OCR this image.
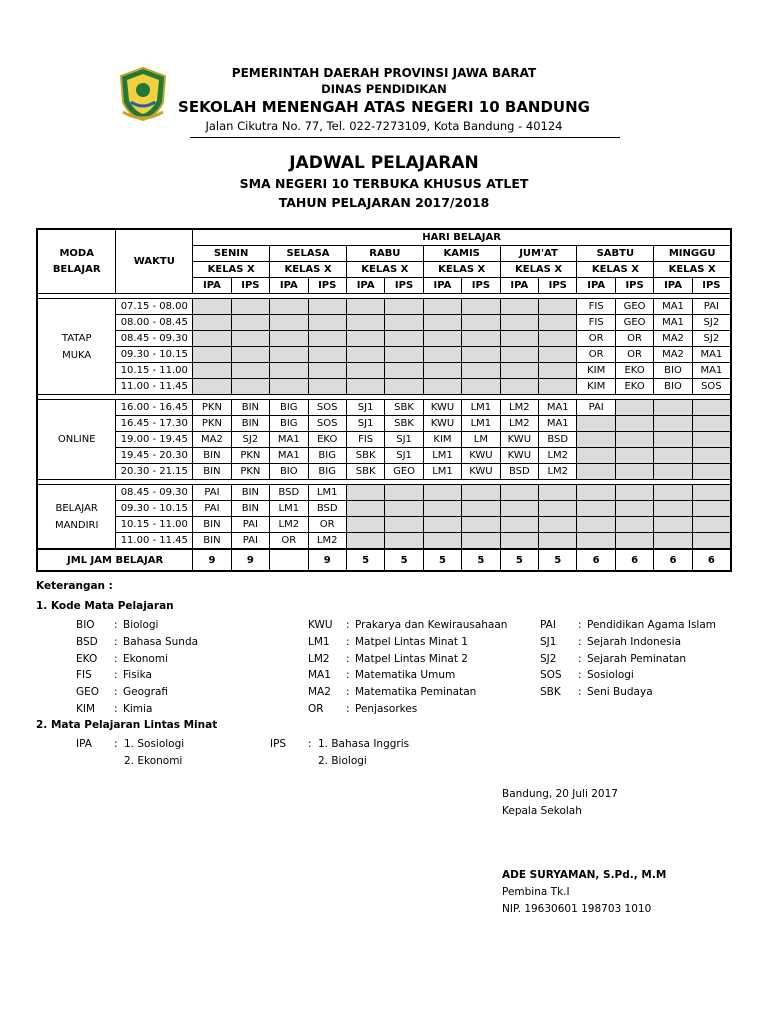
PEMERINTAH DAERAH PROVINSI JAWA BARAT
DINAS PENDIDIKAN
SEKOLAH MENENGAH ATAS NEGERI 10 BANDUNG
Jalan Cikutra No. 77, Tel. 022-7273109, Kota Bandung - 40124
JADWAL PELAJARAN
SMA NEGERI 10 TERBUKA KHUSUS ATLET
TAHUN PELAJARAN 2017/2018
MODA BELAJAR	WAKTU	HARI BELAJAR													
		SENIN		SELASA		RABU		KAMIS		JUM'AT		SABTU		MINGGU	
		KELAS X		KELAS X		KELAS X		KELAS X		KELAS X		KELAS X		KELAS X	
		IPA	IPS	IPA	IPS	IPA	IPS	IPA	IPS	IPA	IPS	IPA	IPS	IPA	IPS

TATAP MUKA	07.15 - 08.00											FIS	GEO	MA1	PAI
	08.00 - 08.45											FIS	GEO	MA1	SJ2
	08.45 - 09.30											OR	OR	MA2	SJ2
	09.30 - 10.15											OR	OR	MA2	MA1
	10.15 - 11.00											KIM	EKO	BIO	MA1
	11.00 - 11.45											KIM	EKO	BIO	SOS

ONLINE	16.00 - 16.45	PKN	BIN	BIG	SOS	SJ1	SBK	KWU	LM1	LM2	MA1	PAI			
	16.45 - 17.30	PKN	BIN	BIG	SOS	SJ1	SBK	KWU	LM1	LM2	MA1				
	19.00 - 19.45	MA2	SJ2	MA1	EKO	FIS	SJ1	KIM	LM	KWU	BSD				
	19.45 - 20.30	BIN	PKN	MA1	BIG	SBK	SJ1	LM1	KWU	KWU	LM2				
	20.30 - 21.15	BIN	PKN	BIO	BIG	SBK	GEO	LM1	KWU	BSD	LM2				

BELAJAR MANDIRI	08.45 - 09.30	PAI	BIN	BSD	LM1										
	09.30 - 10.15	PAI	BIN	LM1	BSD										
	10.15 - 11.00	BIN	PAI	LM2	OR										
	11.00 - 11.45	BIN	PAI	OR	LM2										
JML JAM BELAJAR		9	9		9	5	5	5	5	5	5	6	6	6	6
Keterangan :
1. Kode Mata Pelajaran
BIO : Biologi
BSD : Bahasa Sunda
EKO : Ekonomi
FIS : Fisika
GEO : Geografi
KIM : Kimia
KWU : Prakarya dan Kewirausahaan
LM1 : Matpel Lintas Minat 1
LM2 : Matpel Lintas Minat 2
MA1 : Matematika Umum
MA2 : Matematika Peminatan
OR : Penjasorkes
PAI : Pendidikan Agama Islam
SJ1 : Sejarah Indonesia
SJ2 : Sejarah Peminatan
SOS : Sosiologi
SBK : Seni Budaya
2. Mata Pelajaran Lintas Minat
IPA : 1. Sosiologi
2. Ekonomi
IPS : 1. Bahasa Inggris
2. Biologi
Bandung, 20 Juli 2017
Kepala Sekolah
ADE SURYAMAN, S.Pd., M.M
Pembina Tk.I
NIP. 19630601 198703 1010
